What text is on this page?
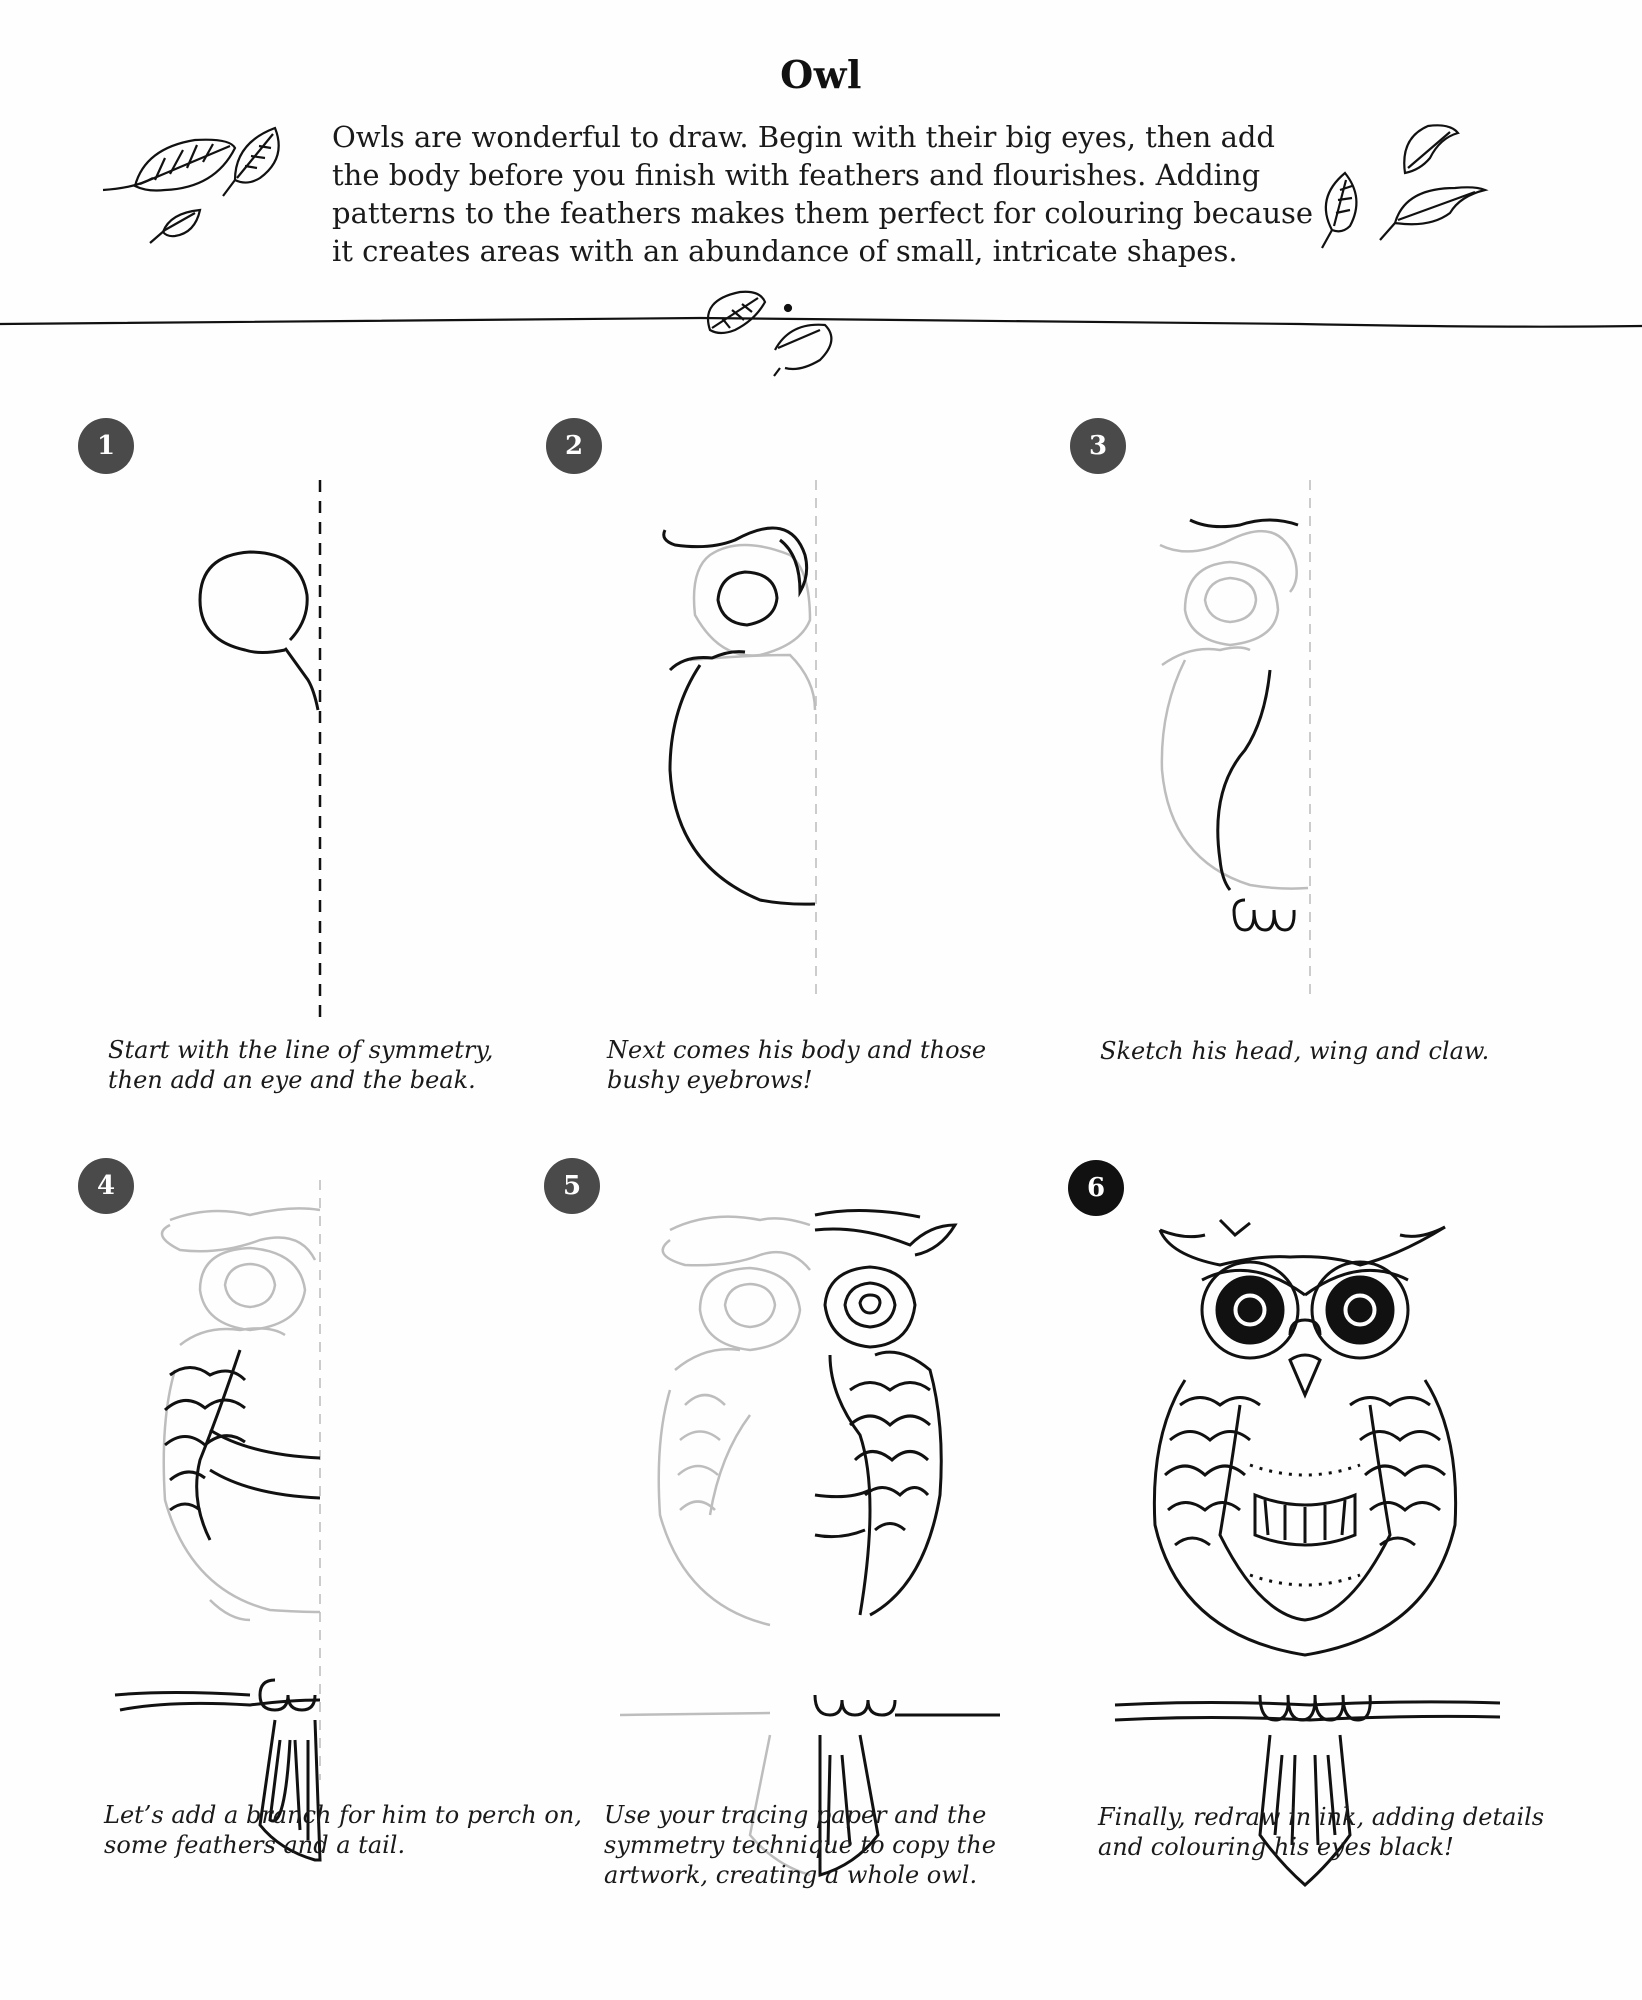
Owl
Owls are wonderful to draw. Begin with their big eyes, then add
the body before you finish with feathers and flourishes. Adding
patterns to the feathers makes them perfect for colouring because
it creates areas with an abundance of small, intricate shapes.
1
Start with the line of symmetry,
then add an eye and the beak.
2
Next comes his body and those
bushy eyebrows!
3
Sketch his head, wing and claw.
4
Let’s add a branch for him to perch on,
some feathers and a tail.
5
Use your tracing paper and the
symmetry technique to copy the
artwork, creating a whole owl.
6
Finally, redraw in ink, adding details
and colouring his eyes black!
